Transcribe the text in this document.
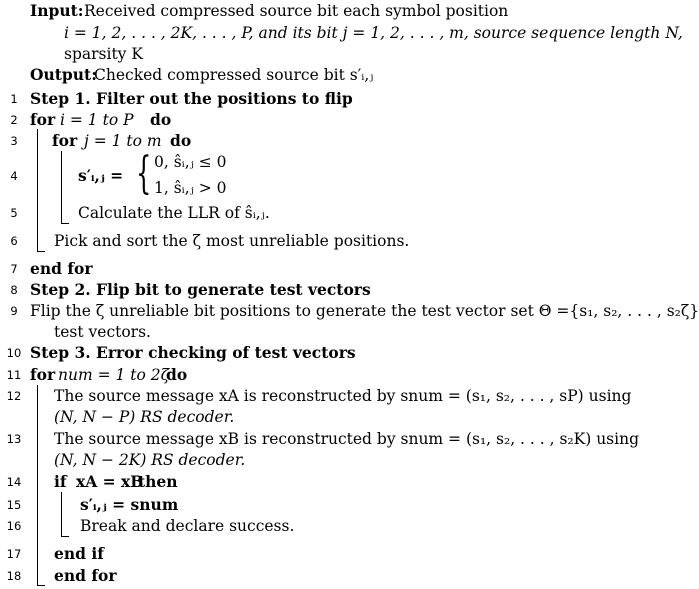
Input: Received compressed source bit each symbol position
i = 1, 2, . . . , 2K, . . . , P, and its bit j = 1, 2, . . . , m, source sequence length N,
sparsity K
Output:
Checked compressed source bit s′ᵢ,ⱼ
1 Step 1. Filter out the positions to flip
2 for i = 1 to P do
3	for j = 1 to m do
4	s′ᵢ,ⱼ = { 0, ŝᵢ,ⱼ ≤ 0
1, ŝᵢ,ⱼ > 0
5	Calculate the LLR of ŝᵢ,ⱼ.
6	Pick and sort the ζ most unreliable positions.
7 end for
8 Step 2. Flip bit to generate test vectors
9 Flip the ζ unreliable bit positions to generate the test vector set Θ ={s₁, s₂, . . . , s₂ζ}
test vectors.
10 Step 3. Error checking of test vectors
11 for num = 1 to 2ζ
do
12 The source message xA is reconstructed by snum = (s₁, s₂, . . . , sP) using
(N, N − P) RS decoder.
13 The source message xB is reconstructed by snum = (s₁, s₂, . . . , s₂K) using
(N, N − 2K) RS decoder.
14 if xA = xB
then
15	s′ᵢ,ⱼ = snum
16	Break and declare success.
17 end if
18 end for
